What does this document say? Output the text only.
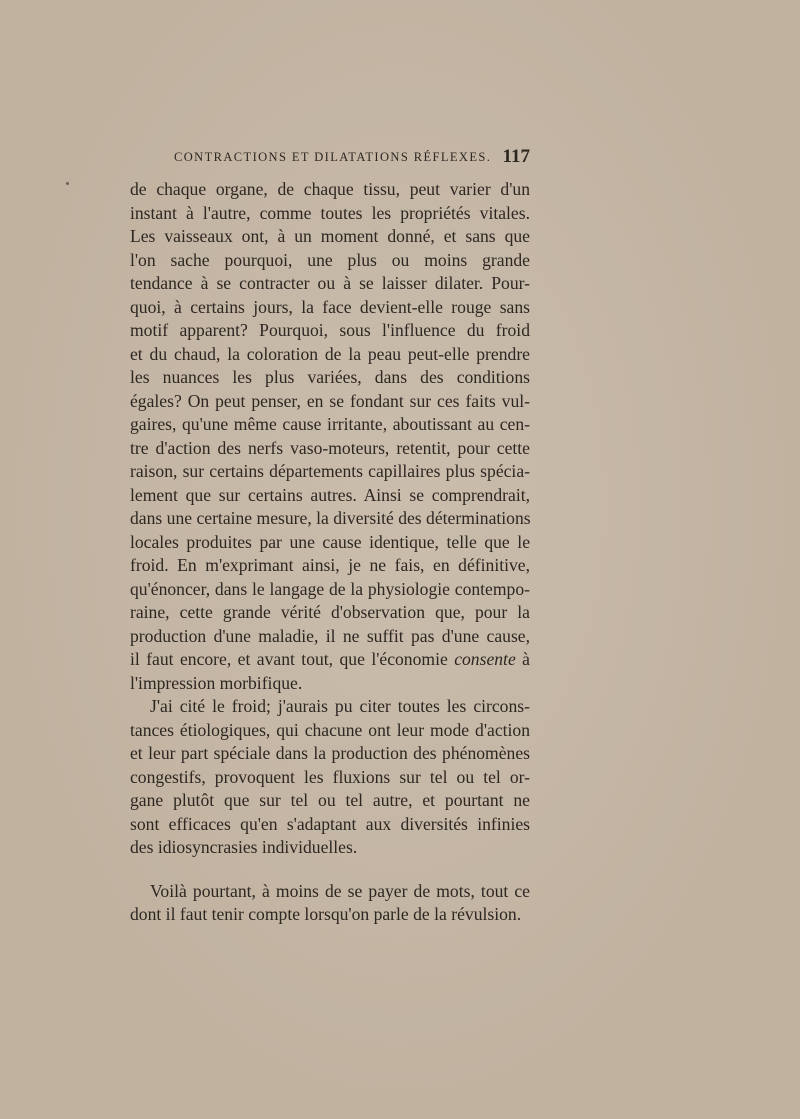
CONTRACTIONS ET DILATATIONS RÉFLEXES. 117
de chaque organe, de chaque tissu, peut varier d'un
instant à l'autre, comme toutes les propriétés vitales.
Les vaisseaux ont, à un moment donné, et sans que
l'on sache pourquoi, une plus ou moins grande
tendance à se contracter ou à se laisser dilater. Pour-
quoi, à certains jours, la face devient-elle rouge sans
motif apparent? Pourquoi, sous l'influence du froid
et du chaud, la coloration de la peau peut-elle prendre
les nuances les plus variées, dans des conditions
égales? On peut penser, en se fondant sur ces faits vul-
gaires, qu'une même cause irritante, aboutissant au cen-
tre d'action des nerfs vaso-moteurs, retentit, pour cette
raison, sur certains départements capillaires plus spécia-
lement que sur certains autres. Ainsi se comprendrait,
dans une certaine mesure, la diversité des déterminations
locales produites par une cause identique, telle que le
froid. En m'exprimant ainsi, je ne fais, en définitive,
qu'énoncer, dans le langage de la physiologie contempo-
raine, cette grande vérité d'observation que, pour la
production d'une maladie, il ne suffit pas d'une cause,
il faut encore, et avant tout, que l'économie consente à
l'impression morbifique.
J'ai cité le froid; j'aurais pu citer toutes les circons-
tances étiologiques, qui chacune ont leur mode d'action
et leur part spéciale dans la production des phénomènes
congestifs, provoquent les fluxions sur tel ou tel or-
gane plutôt que sur tel ou tel autre, et pourtant ne
sont efficaces qu'en s'adaptant aux diversités infinies
des idiosyncrasies individuelles.
Voilà pourtant, à moins de se payer de mots, tout ce
dont il faut tenir compte lorsqu'on parle de la révulsion.
